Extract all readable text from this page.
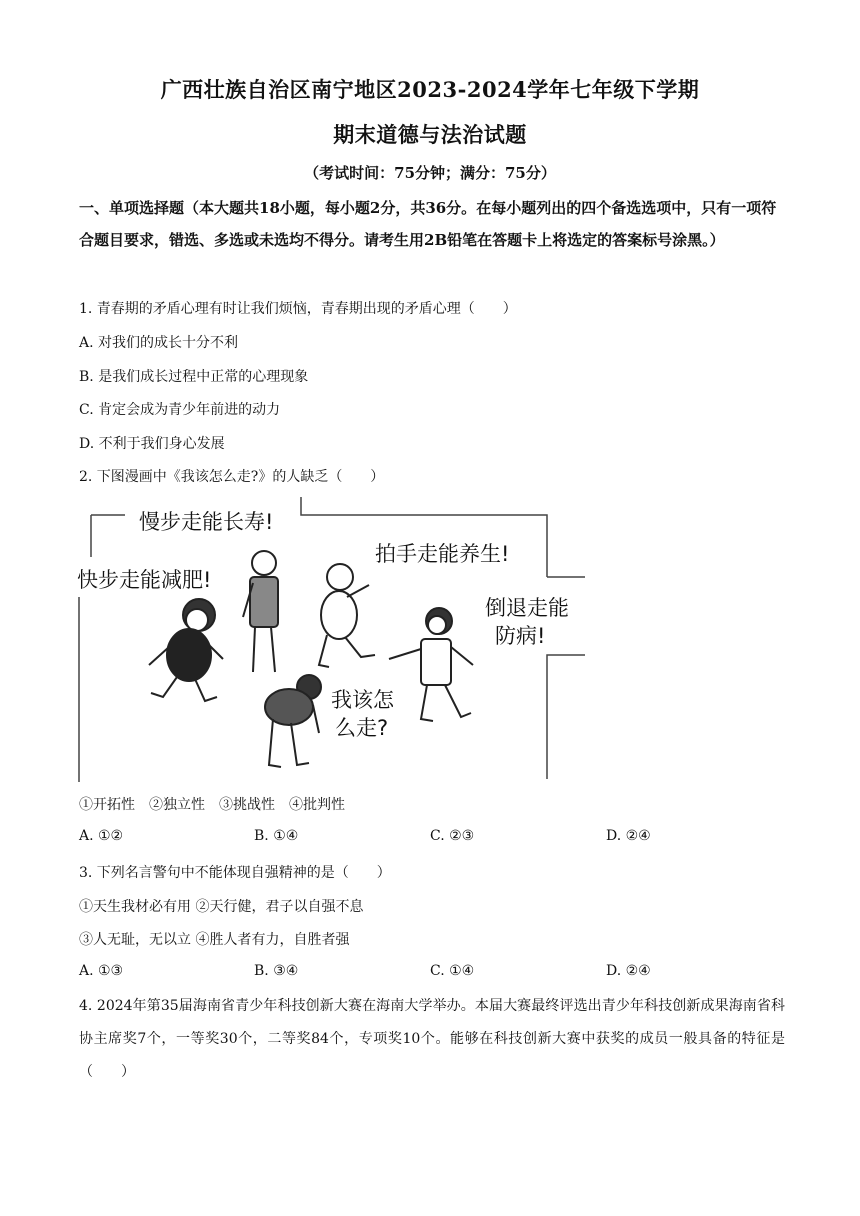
广西壮族自治区南宁地区2023-2024学年七年级下学期
期末道德与法治试题
（考试时间：75分钟；满分：75分）
一、单项选择题（本大题共18小题，每小题2分，共36分。在每小题列出的四个备选选项中，只有一项符合题目要求，错选、多选或未选均不得分。请考生用2B铅笔在答题卡上将选定的答案标号涂黑。）
1. 青春期的矛盾心理有时让我们烦恼，青春期出现的矛盾心理（　　）
A. 对我们的成长十分不利
B. 是我们成长过程中正常的心理现象
C. 肯定会成为青少年前进的动力
D. 不利于我们身心发展
2. 下图漫画中《我该怎么走?》的人缺乏（　　）
慢步走能长寿!
拍手走能养生!
快步走能减肥!
倒退走能
防病!
我该怎
么走?
①开拓性　②独立性　③挑战性　④批判性
A. ①②	B. ①④	C. ②③	D. ②④
3. 下列名言警句中不能体现自强精神的是（　　）
①天生我材必有用 ②天行健，君子以自强不息
③人无耻，无以立 ④胜人者有力，自胜者强
A. ①③	B. ③④	C. ①④	D. ②④
4. 2024年第35届海南省青少年科技创新大赛在海南大学举办。本届大赛最终评选出青少年科技创新成果海南省科协主席奖7个，一等奖30个，二等奖84个，专项奖10个。能够在科技创新大赛中获奖的成员一般具备的特征是（　　）
